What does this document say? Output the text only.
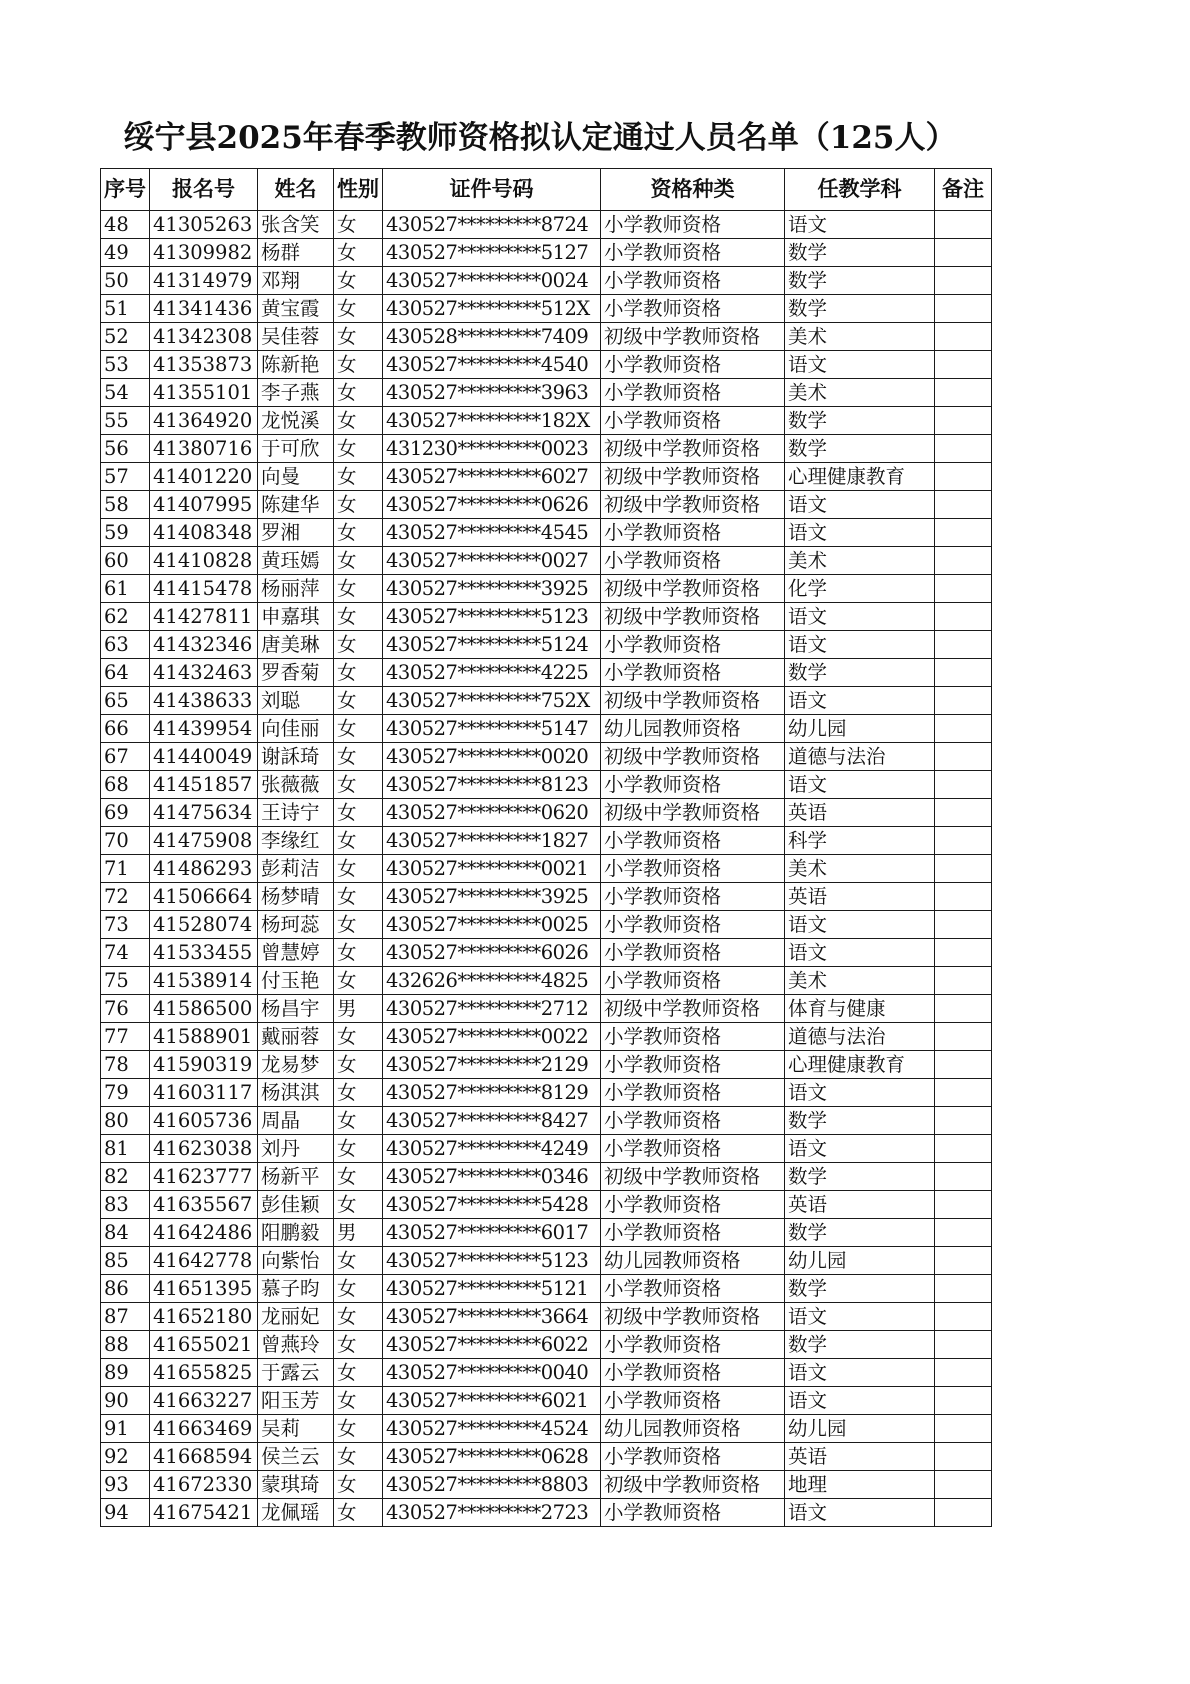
绥宁县2025年春季教师资格拟认定通过人员名单（125人）
序号	报名号	姓名	性别	证件号码	资格种类	任教学科	备注
48	41305263	张含笑	女	430527*********8724	小学教师资格	语文	
49	41309982	杨群	女	430527*********5127	小学教师资格	数学	
50	41314979	邓翔	女	430527*********0024	小学教师资格	数学	
51	41341436	黄宝霞	女	430527*********512X	小学教师资格	数学	
52	41342308	吴佳蓉	女	430528*********7409	初级中学教师资格	美术	
53	41353873	陈新艳	女	430527*********4540	小学教师资格	语文	
54	41355101	李子燕	女	430527*********3963	小学教师资格	美术	
55	41364920	龙悦溪	女	430527*********182X	小学教师资格	数学	
56	41380716	于可欣	女	431230*********0023	初级中学教师资格	数学	
57	41401220	向曼	女	430527*********6027	初级中学教师资格	心理健康教育	
58	41407995	陈建华	女	430527*********0626	初级中学教师资格	语文	
59	41408348	罗湘	女	430527*********4545	小学教师资格	语文	
60	41410828	黄珏嫣	女	430527*********0027	小学教师资格	美术	
61	41415478	杨丽萍	女	430527*********3925	初级中学教师资格	化学	
62	41427811	申嘉琪	女	430527*********5123	初级中学教师资格	语文	
63	41432346	唐美琳	女	430527*********5124	小学教师资格	语文	
64	41432463	罗香菊	女	430527*********4225	小学教师资格	数学	
65	41438633	刘聪	女	430527*********752X	初级中学教师资格	语文	
66	41439954	向佳丽	女	430527*********5147	幼儿园教师资格	幼儿园	
67	41440049	谢訸琦	女	430527*********0020	初级中学教师资格	道德与法治	
68	41451857	张薇薇	女	430527*********8123	小学教师资格	语文	
69	41475634	王诗宁	女	430527*********0620	初级中学教师资格	英语	
70	41475908	李缘红	女	430527*********1827	小学教师资格	科学	
71	41486293	彭莉洁	女	430527*********0021	小学教师资格	美术	
72	41506664	杨梦晴	女	430527*********3925	小学教师资格	英语	
73	41528074	杨珂蕊	女	430527*********0025	小学教师资格	语文	
74	41533455	曾慧婷	女	430527*********6026	小学教师资格	语文	
75	41538914	付玉艳	女	432626*********4825	小学教师资格	美术	
76	41586500	杨昌宇	男	430527*********2712	初级中学教师资格	体育与健康	
77	41588901	戴丽蓉	女	430527*********0022	小学教师资格	道德与法治	
78	41590319	龙易梦	女	430527*********2129	小学教师资格	心理健康教育	
79	41603117	杨淇淇	女	430527*********8129	小学教师资格	语文	
80	41605736	周晶	女	430527*********8427	小学教师资格	数学	
81	41623038	刘丹	女	430527*********4249	小学教师资格	语文	
82	41623777	杨新平	女	430527*********0346	初级中学教师资格	数学	
83	41635567	彭佳颖	女	430527*********5428	小学教师资格	英语	
84	41642486	阳鹏毅	男	430527*********6017	小学教师资格	数学	
85	41642778	向紫怡	女	430527*********5123	幼儿园教师资格	幼儿园	
86	41651395	慕子昀	女	430527*********5121	小学教师资格	数学	
87	41652180	龙丽妃	女	430527*********3664	初级中学教师资格	语文	
88	41655021	曾燕玲	女	430527*********6022	小学教师资格	数学	
89	41655825	于露云	女	430527*********0040	小学教师资格	语文	
90	41663227	阳玉芳	女	430527*********6021	小学教师资格	语文	
91	41663469	吴莉	女	430527*********4524	幼儿园教师资格	幼儿园	
92	41668594	侯兰云	女	430527*********0628	小学教师资格	英语	
93	41672330	蒙琪琦	女	430527*********8803	初级中学教师资格	地理	
94	41675421	龙佩瑶	女	430527*********2723	小学教师资格	语文	
